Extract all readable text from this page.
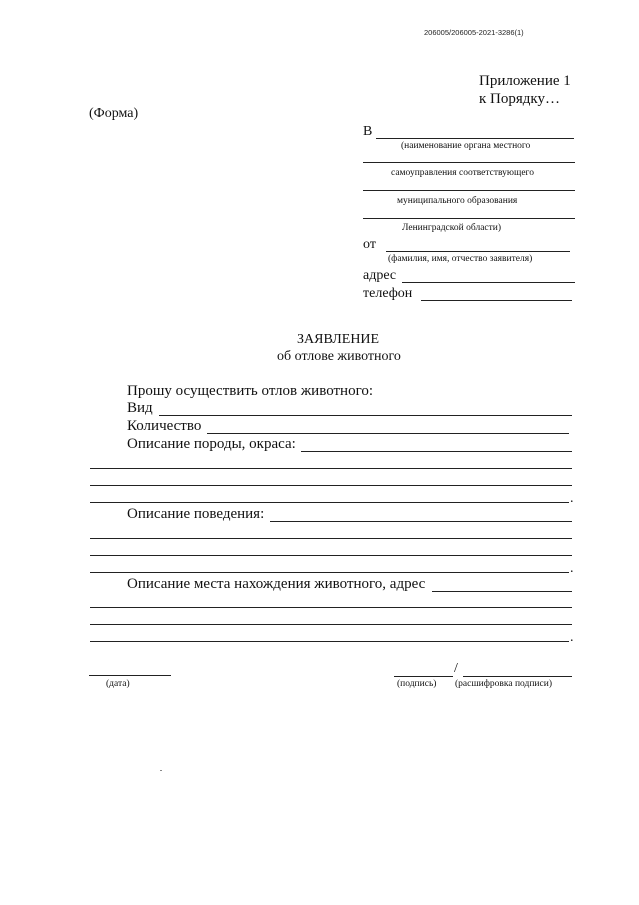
206005/206005-2021-3286(1)
Приложение 1
к Порядку…
(Форма)
В
(наименование органа местного
самоуправления соответствующего
муниципального образования
Ленинградской области)
от
(фамилия, имя, отчество заявителя)
адрес
телефон
ЗАЯВЛЕНИЕ
об отлове животного
Прошу осуществить отлов животного:
Вид
Количество
Описание породы, окраса:
.
Описание поведения:
.
Описание места нахождения животного, адрес
.
(дата)
/
(подпись) (расшифровка подписи)
